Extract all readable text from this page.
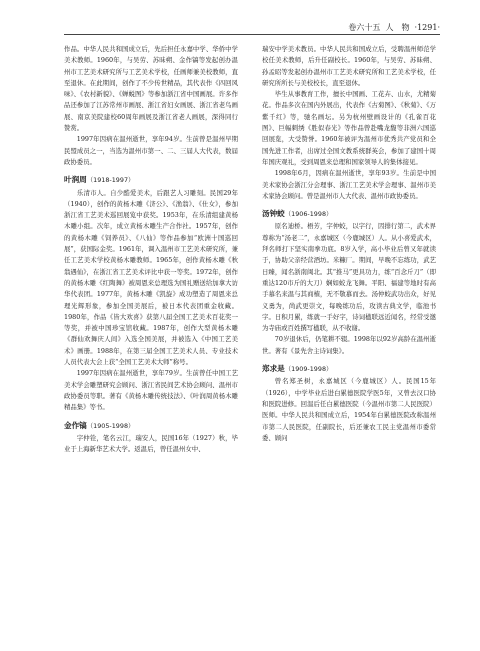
卷六十五 人　物 ·1291·

作品。中华人民共和国成立后，先后担任永嘉中学、华侨中学美术教师。1960年，与吴劳、苏昧朔、金作镐等发起创办温州市工艺美术研究所与工艺美术学校，任画师兼美校教师，直至退休。在此期间，创作了不少传世精品，其代表作《四回风味》、《农村新貌》、《蝉蜕图》等参加浙江省中国画展。许多作品还参加了江苏常州市画展、浙江省妇女画展、浙江省老鸟画展、南京美院建校60周年画展及浙江省老人画展，深得同行赞赏。

1997年因病在温州逝世，享年94岁。生前曾是温州早期民盟成员之一，当选为温州市第一、二、三届人大代表，数届政协委员。

叶润周（1918-1997）

乐清市人。自少酷爱美术，后跟艺人习雕刻。民国29年（1940），创作的黄杨木雕《济公》、《渔翁》、《仕女》，参加浙江省工艺美术巡回展览中获奖。1953年，在乐清组建黄杨木雕小组。次年，成立黄杨木雕生产合作社。1957年，创作的黄杨木雕《饲养员》、《八仙》等作品参加“欧洲十国巡回展”，获国际金奖。1961年，调入温州市工艺美术研究所，兼任工艺美术学校黄杨木雕教师。1965年，创作黄杨木雕《秋翁遇仙》，在浙江省工艺美术评比中获一等奖。1972年，创作的黄杨木雕《红陶舞》被周恩来总理选为国礼赠送给加拿大访华代表团。1977年，黄杨木雕《凯旋》成功塑造了周恩来总理光辉形象，参加全国美展后，被日本代表团重金收藏。1980年，作品《皆大欢喜》获第八届全国工艺美术百花奖一等奖，并被中国珍宝馆收藏。1987年，创作大型黄杨木雕《群仙欢舞庆人间》入选全国美展，并被选入《中国工艺美术》画册。1988年，在第三届全国工艺美术人员、专业技术人员代表大会上获“全国工艺美术大师”称号。

1997年因病在温州逝世，享年79岁。生前曾任中国工艺美术学会雕塑研究会顾问、浙江省民间艺术协会顾问、温州市政协委员等职。著有《黄杨木雕传统技法》、《叶润周黄杨木雕精品集》等书。

金作镐（1905-1998）

字仲铨，笔名云江，瑞安人，民国16年（1927）秋，毕业于上海新华艺术大学。返温后，曾任温州女中、

瑞安中学美术教员。中华人民共和国成立后，受聘温州师范学校任美术教师，后升任副校长。1960年，与吴劳、苏昧朔、孙孟昭等发起创办温州市工艺美术研究所和工艺美术学校，任研究所所长与美校校长，直至退休。

毕生从事教育工作，擅长中国画、工花卉、山水，尤精菊花。作品多次在国内外展出，代表作《古菊图》、《秋菊》、《万紫千红》等，驰名画坛。另为杭州壁画设计的《孔雀百花图》、巨幅刺绣《胜似春光》等作品曾赴嘴龙馥等非洲六国巡回展览，大受赞誉。1960年被评为温州市优秀共产党员和全国先进工作者，出席过全国文教系统群英会，参加了建国十周年国庆观礼，受到周恩来总理和国家领导人的集体接见。

1998年6月，因病在温州逝世，享年93岁。生前是中国美术家协会浙江分会理事、浙江工艺美术学会理事、温州市美术家协会顾问。曾是温州市人大代表、温州市政协委员。

汤钟蛟（1906-1998）

原名迪桥。梧芳，字仲蛟，以字行，因排行第二，武术界尊称为“汤老二”，永嘉城区（今鹿城区）人。从小喜爱武术，拜名师打下坚实南拳功底。8岁入学，高小毕业后曾又年就读于，协助父亲经营酒坊。米糠厂。期间，早晚不忘练功，武艺日臻，闻名浙南闽北。其“推马”更具功力，练“百念斤刀”（即重达120市斤的大刀）娴如蛟龙飞舞。平阳、福建等地时有高手慕名来温与其商榷，无不敬慕而去。汤仲蛟武功出众，好见义勇为，尚武更崇文，每晚练功后，攻读古典文学，临池书字。日积月累，练就一手好字，诗词楹联远近闻名，经常受邀为寺庙或百姓撰写楹联，从不收谢。

70岁退休后，仍笔耕不辍。1998年以92岁高龄在温州逝世。著有《景先舍主诗词集》。

郑求是（1909-1998）

曾名郑圣树，永嘉城区（今鹿城区）人。民国15年（1926），中学毕业后进白累德医院学医5年，又曾去汉口协和医院进修。回温后任白累德医院（今温州市第二人民医院）医师。中华人民共和国成立后，1954年白累德医院改称温州市第二人民医院，任副院长，后还兼农工民主党温州市委常委、顾问
